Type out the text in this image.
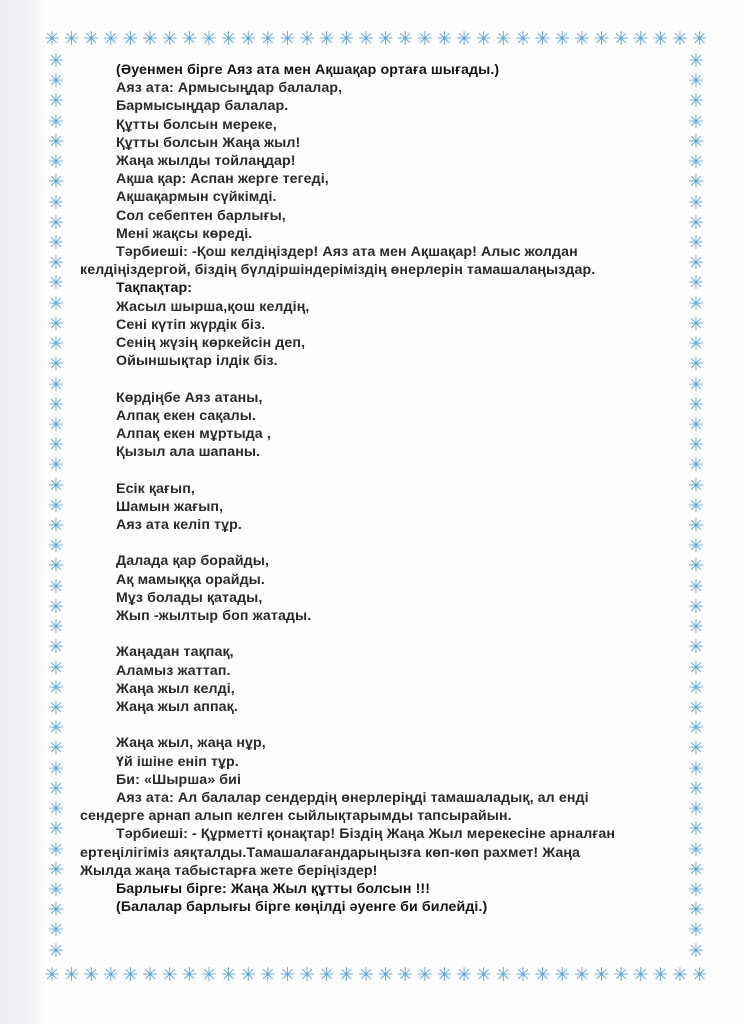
✳ ✳ ✳ ✳ ✳ ✳ ✳ ✳ ✳ ✳ ✳ ✳ ✳ ✳ ✳ ✳ ✳ ✳ ✳ ✳ ✳ ✳ ✳ ✳ ✳ ✳ ✳ ✳ ✳ ✳ ✳ ✳ ✳ ✳
✳ ✳ ✳ ✳ ✳ ✳ ✳ ✳ ✳ ✳ ✳ ✳ ✳ ✳ ✳ ✳ ✳ ✳ ✳ ✳ ✳ ✳ ✳ ✳ ✳ ✳ ✳ ✳ ✳ ✳ ✳ ✳ ✳ ✳
✳
✳
✳
✳
✳
✳
✳
✳
✳
✳
✳
✳
✳
✳
✳
✳
✳
✳
✳
✳
✳
✳
✳
✳
✳
✳
✳
✳
✳
✳
✳
✳
✳
✳
✳
✳
✳
✳
✳
✳
✳
✳
✳
✳
✳
✳
✳
✳
✳
✳
✳
✳
✳
✳
✳
✳
✳
✳
✳
✳
✳
✳
✳
✳
✳
✳
✳
✳
✳
✳
✳
✳
✳
✳
✳
✳
✳
✳
✳
✳
✳
✳
✳
✳
✳
✳
✳
✳
✳
✳

(Әуенмен бірге Аяз ата мен Ақшақар ортаға шығады.)

Аяз ата: Армысыңдар балалар,

Бармысыңдар балалар.

Құтты болсын мереке,

Құтты болсын Жаңа жыл!

Жаңа жылды тойлаңдар!

Ақша қар: Аспан жерге тегеді,

Ақшақармын сүйкімді.

Сол себептен барлығы,

Мені жақсы көреді.

Тәрбиеші: -Қош келдіңіздер! Аяз ата мен Ақшақар! Алыс жолдан

келдіңіздергой, біздің бүлдіршіндеріміздің өнерлерін тамашалаңыздар.

Тақпақтар:

Жасыл шырша,қош келдің,

Сені күтіп жүрдік біз.

Сенің жүзің көркейсін деп,

Ойыншықтар ілдік біз.

Көрдіңбе Аяз атаны,

Алпақ екен сақалы.

Алпақ екен мұртыда ,

Қызыл ала шапаны.

Есік қағып,

Шамын жағып,

Аяз ата келіп тұр.

Далада қар борайды,

Ақ мамыққа орайды.

Мұз болады қатады,

Жып -жылтыр боп жатады.

Жаңадан тақпақ,

Аламыз жаттап.

Жаңа жыл келді,

Жаңа жыл аппақ.

Жаңа жыл, жаңа нұр,

Үй ішіне еніп тұр.

Би: «Шырша» биі

Аяз ата: Ал балалар сендердің өнерлеріңді тамашаладық, ал енді

сендерге арнап алып келген сыйлықтарымды тапсырайын.

Тәрбиеші: - Құрметті қонақтар! Біздің Жаңа Жыл мерекесіне арналған

ертеңілігіміз аяқталды.Тамашалағандарыңызға көп-көп рахмет! Жаңа

Жылда жаңа табыстарға жете беріңіздер!

Барлығы бірге: Жаңа Жыл құтты болсын !!!

(Балалар барлығы бірге көңілді әуенге би билейді.)
